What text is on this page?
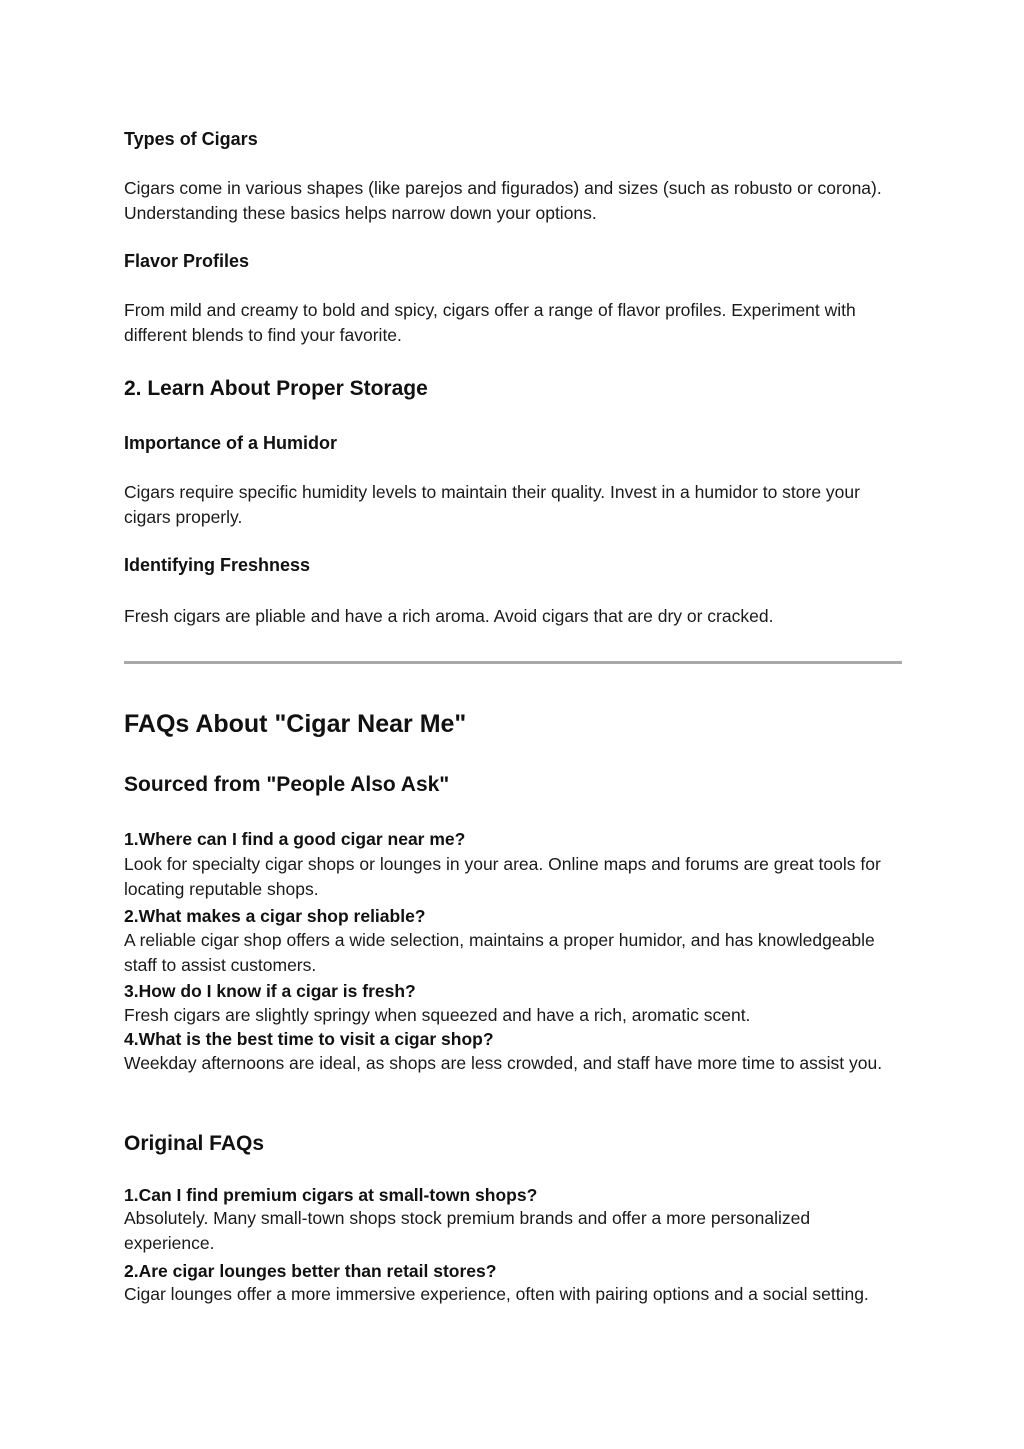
Types of Cigars

Cigars come in various shapes (like parejos and figurados) and sizes (such as robusto or corona). Understanding these basics helps narrow down your options.

Flavor Profiles

From mild and creamy to bold and spicy, cigars offer a range of flavor profiles. Experiment with different blends to find your favorite.

2. Learn About Proper Storage
Importance of a Humidor

Cigars require specific humidity levels to maintain their quality. Invest in a humidor to store your cigars properly.

Identifying Freshness

Fresh cigars are pliable and have a rich aroma. Avoid cigars that are dry or cracked.

FAQs About "Cigar Near Me"
Sourced from "People Also Ask"
1.Where can I find a good cigar near me?

Look for specialty cigar shops or lounges in your area. Online maps and forums are great tools for locating reputable shops.

2.What makes a cigar shop reliable?

A reliable cigar shop offers a wide selection, maintains a proper humidor, and has knowledgeable staff to assist customers.

3.How do I know if a cigar is fresh?

Fresh cigars are slightly springy when squeezed and have a rich, aromatic scent.

4.What is the best time to visit a cigar shop?

Weekday afternoons are ideal, as shops are less crowded, and staff have more time to assist you.

Original FAQs
1.Can I find premium cigars at small-town shops?

Absolutely. Many small-town shops stock premium brands and offer a more personalized experience.

2.Are cigar lounges better than retail stores?

Cigar lounges offer a more immersive experience, often with pairing options and a social setting.
